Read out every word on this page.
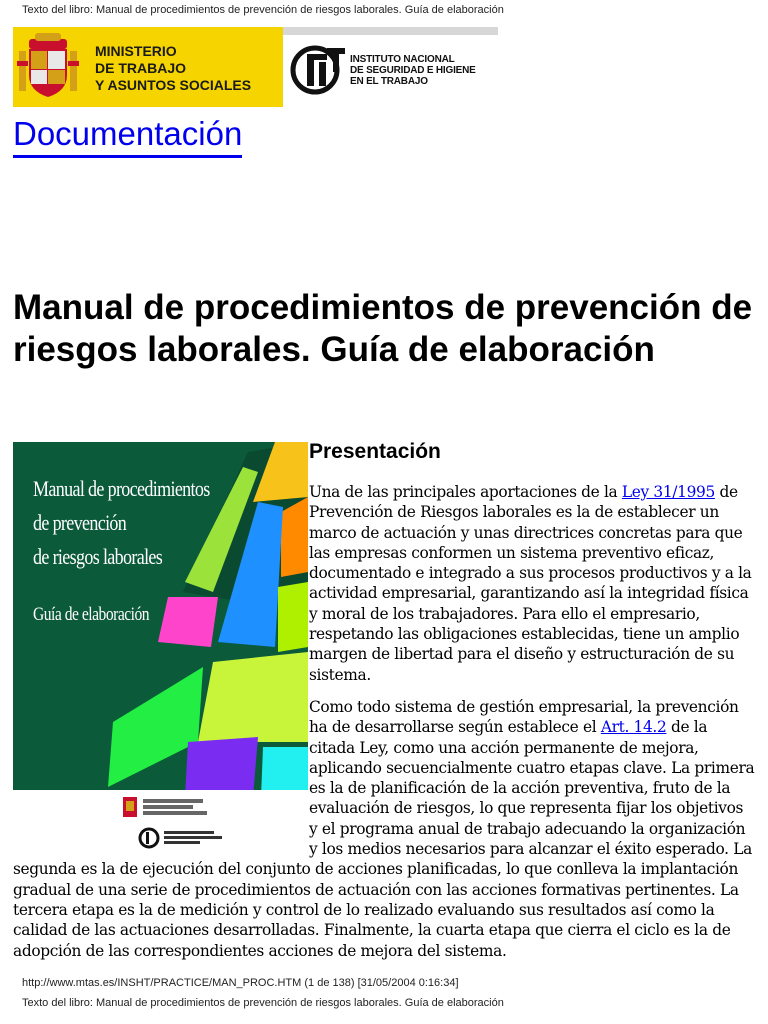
Texto del libro: Manual de procedimientos de prevención de riesgos laborales. Guía de elaboración
MINISTERIO
DE TRABAJO
Y ASUNTOS SOCIALES
INSTITUTO NACIONAL
DE SEGURIDAD E HIGIENE
EN EL TRABAJO
Documentación
Manual de procedimientos de prevención de riesgos laborales. Guía de elaboración
Manual de procedimientos
de prevención
de riesgos laborales
Guía de elaboración
Presentación

Una de las principales aportaciones de la Ley 31/1995 de Prevención de Riesgos laborales es la de establecer un marco de actuación y unas directrices concretas para que las empresas conformen un sistema preventivo eficaz, documentado e integrado a sus procesos productivos y a la actividad empresarial, garantizando así la integridad física y moral de los trabajadores. Para ello el empresario, respetando las obligaciones establecidas, tiene un amplio margen de libertad para el diseño y estructuración de su sistema.

Como todo sistema de gestión empresarial, la prevención ha de desarrollarse según establece el Art. 14.2 de la citada Ley, como una acción permanente de mejora, aplicando secuencialmente cuatro etapas clave. La primera es la de planificación de la acción preventiva, fruto de la evaluación de riesgos, lo que representa fijar los objetivos y el programa anual de trabajo adecuando la organización y los medios necesarios para alcanzar el éxito esperado. La segunda es la de ejecución del conjunto de acciones planificadas, lo que conlleva la implantación gradual de una serie de procedimientos de actuación con las acciones formativas pertinentes. La tercera etapa es la de medición y control de lo realizado evaluando sus resultados así como la calidad de las actuaciones desarrolladas. Finalmente, la cuarta etapa que cierra el ciclo es la de adopción de las correspondientes acciones de mejora del sistema.

http://www.mtas.es/INSHT/PRACTICE/MAN_PROC.HTM (1 de 138) [31/05/2004 0:16:34]
Texto del libro: Manual de procedimientos de prevención de riesgos laborales. Guía de elaboración
